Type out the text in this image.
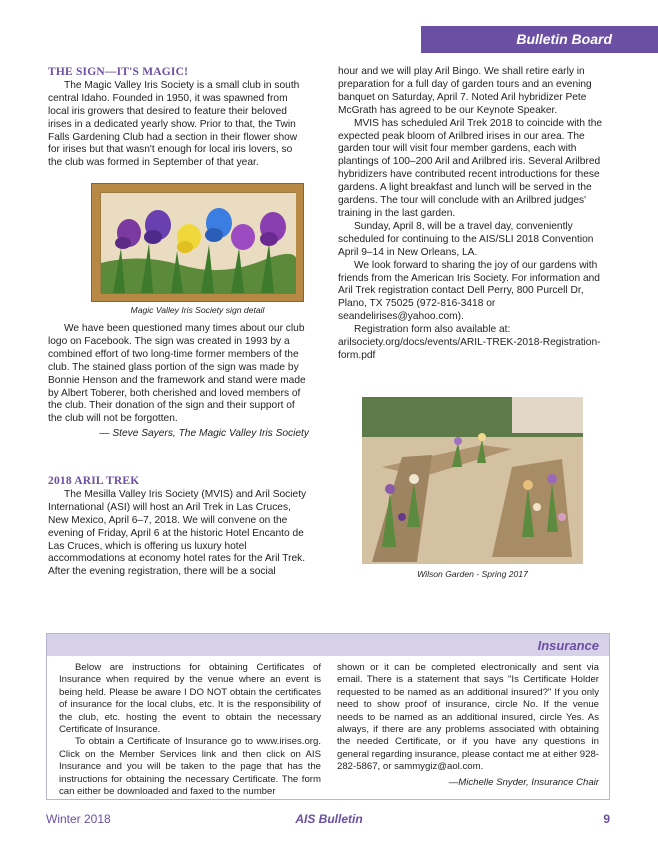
Bulletin Board
THE SIGN—IT'S MAGIC!

The Magic Valley Iris Society is a small club in south central Idaho. Founded in 1950, it was spawned from local iris growers that desired to feature their beloved irises in a dedicated yearly show. Prior to that, the Twin Falls Gardening Club had a section in their flower show for irises but that wasn't enough for local iris lovers, so the club was formed in September of that year.

Magic Valley Iris Society sign detail

We have been questioned many times about our club logo on Facebook. The sign was created in 1993 by a combined effort of two long-time former members of the club. The stained glass portion of the sign was made by Bonnie Henson and the framework and stand were made by Albert Toberer, both cherished and loved members of the club. Their donation of the sign and their support of the club will not be forgotten.

— Steve Sayers, The Magic Valley Iris Society

2018 ARIL TREK

The Mesilla Valley Iris Society (MVIS) and Aril Society International (ASI) will host an Aril Trek in Las Cruces, New Mexico, April 6–7, 2018. We will convene on the evening of Friday, April 6 at the historic Hotel Encanto de Las Cruces, which is offering us luxury hotel accommodations at economy hotel rates for the Aril Trek. After the evening registration, there will be a social

hour and we will play Aril Bingo. We shall retire early in preparation for a full day of garden tours and an evening banquet on Saturday, April 7. Noted Aril hybridizer Pete McGrath has agreed to be our Keynote Speaker.

MVIS has scheduled Aril Trek 2018 to coincide with the expected peak bloom of Arilbred irises in our area. The garden tour will visit four member gardens, each with plantings of 100–200 Aril and Arilbred iris. Several Arilbred hybridizers have contributed recent introductions for these gardens. A light breakfast and lunch will be served in the gardens. The tour will conclude with an Arilbred judges' training in the last garden.

Sunday, April 8, will be a travel day, conveniently scheduled for continuing to the AIS/SLI 2018 Convention April 9–14 in New Orleans, LA.

We look forward to sharing the joy of our gardens with friends from the American Iris Society. For information and Aril Trek registration contact Dell Perry, 800 Purcell Dr, Plano, TX 75025 (972-816-3418 or seandelirises@yahoo.com).

Registration form also available at: arilsociety.org/docs/events/ARIL-TREK-2018-Registration-form.pdf

Wilson Garden - Spring 2017
Insurance

Below are instructions for obtaining Certificates of Insurance when required by the venue where an event is being held. Please be aware I DO NOT obtain the certificates of insurance for the local clubs, etc. It is the responsibility of the club, etc. hosting the event to obtain the necessary Certificate of Insurance.

To obtain a Certificate of Insurance go to www.irises.org. Click on the Member Services link and then click on AIS Insurance and you will be taken to the page that has the instructions for obtaining the necessary Certificate. The form can either be downloaded and faxed to the number

shown or it can be completed electronically and sent via email. There is a statement that says "Is Certificate Holder requested to be named as an additional insured?" If you only need to show proof of insurance, circle No. If the venue needs to be named as an additional insured, circle Yes. As always, if there are any problems associated with obtaining the needed Certificate, or if you have any questions in general regarding insurance, please contact me at either 928-282-5867, or sammygiz@aol.com.

—Michelle Snyder, Insurance Chair

Winter 2018	AIS Bulletin	9
